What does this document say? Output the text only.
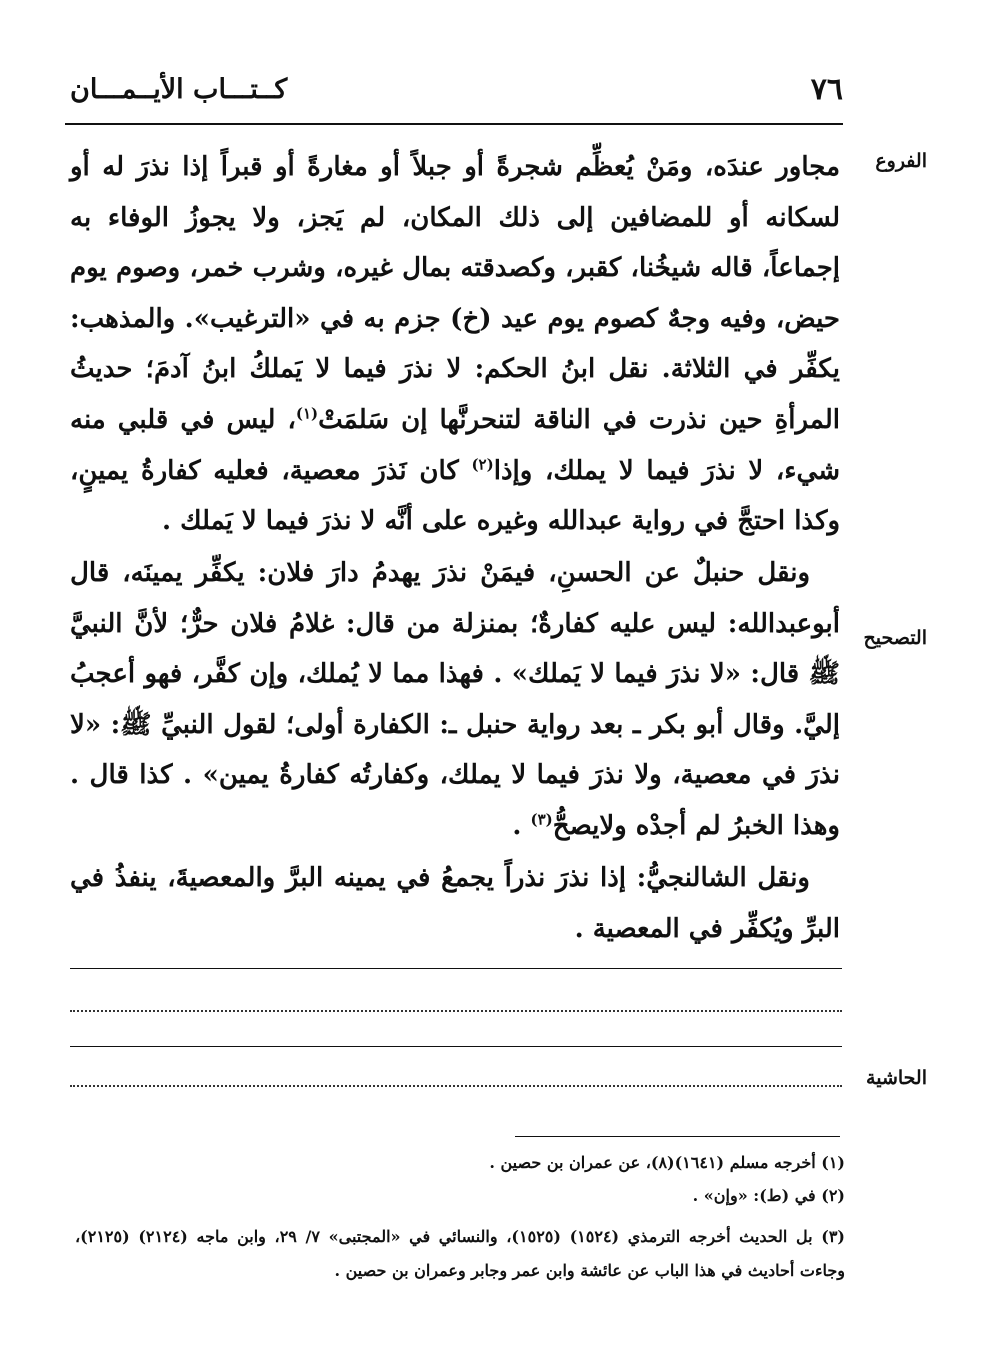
٧٦
كــتـــاب الأيــمـــان
الفروع
التصحيح
الحاشية

مجاور عندَه، ومَنْ يُعظِّم شجرةً أو جبلاً أو مغارةً أو قبراً إذا نذرَ له أو لسكانه أو للمضافين إلى ذلك المكان، لم يَجز، ولا يجوزُ الوفاء به إجماعاً، قاله شيخُنا، كقبر، وكصدقته بمال غيره، وشرب خمر، وصوم يوم حيض، وفيه وجهٌ كصوم يوم عيد (خ) جزم به في «الترغيب». والمذهب: يكفِّر في الثلاثة. نقل ابنُ الحكم: لا نذرَ فيما لا يَملكُ ابنُ آدمَ؛ حديثُ المرأةِ حين نذرت في الناقة لتنحرنَّها إن سَلمَتْ$^{(١)}$، ليس في قلبي منه شيء، لا نذرَ فيما لا يملك، وإذا$^{(٢)}$ كان نَذرَ معصية، فعليه كفارةُ يمينٍ، وكذا احتجَّ في رواية عبدالله وغيره على أنَّه لا نذرَ فيما لا يَملك .

ونقل حنبلٌ عن الحسنِ، فيمَنْ نذرَ يهدمُ دارَ فلان: يكفِّر يمينَه، قال أبوعبدالله: ليس عليه كفارةٌ؛ بمنزلة من قال: غلامُ فلان حرٌّ؛ لأنَّ النبيَّ ﷺ قال: «لا نذرَ فيما لا يَملك» . فهذا مما لا يُملك، وإن كفَّر، فهو أعجبُ إليَّ. وقال أبو بكر ـ بعد رواية حنبل ـ: الكفارة أولى؛ لقول النبيِّ ﷺ: «لا نذرَ في معصية، ولا نذرَ فيما لا يملك، وكفارتُه كفارةُ يمين» . كذا قال . وهذا الخبرُ لم أجدْه ولايصحُّ$^{(٣)}$ .

ونقل الشالنجيُّ: إذا نذرَ نذراً يجمعُ في يمينه البرَّ والمعصيةَ، ينفذُ في البرِّ ويُكفِّر في المعصية .

(١) أخرجه مسلم (١٦٤١)(٨)، عن عمران بن حصين .
(٢) في (ط): «وإن» .
(٣) بل الحديث أخرجه الترمذي (١٥٢٤) (١٥٢٥)، والنسائي في «المجتبى» ٧/ ٢٩، وابن ماجه (٢١٢٤) (٢١٢٥)، وجاءت أحاديث في هذا الباب عن عائشة وابن عمر وجابر وعمران بن حصين .
